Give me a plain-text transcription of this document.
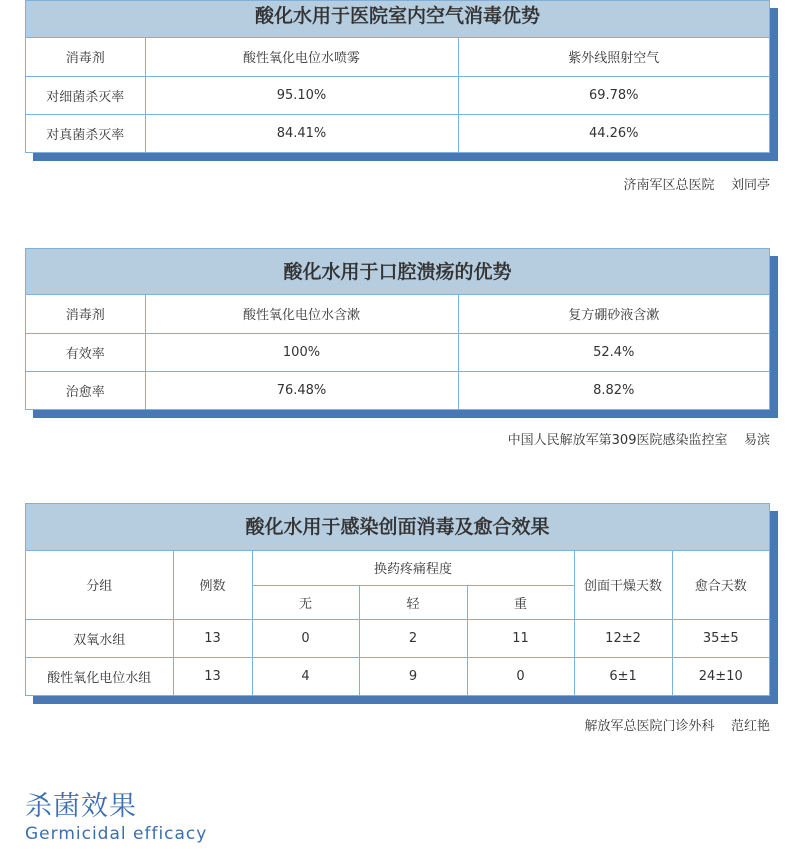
酸化水用于医院室内空气消毒优势
消毒剂	酸性氧化电位水喷雾	紫外线照射空气
对细菌杀灭率	95.10%	69.78%
对真菌杀灭率	84.41%	44.26%
济南军区总医院    刘同亭
酸化水用于口腔溃疡的优势
消毒剂	酸性氧化电位水含漱	复方硼砂液含漱
有效率	100%	52.4%
治愈率	76.48%	8.82%
中国人民解放军第309医院感染监控室    易滨
酸化水用于感染创面消毒及愈合效果
分组	例数	换药疼痛程度			创面干燥天数	愈合天数
		无	轻	重		
双氧水组	13	0	2	11	12±2	35±5
酸性氧化电位水组	13	4	9	0	6±1	24±10
解放军总医院门诊外科    范红艳
杀菌效果
Germicidal efficacy
